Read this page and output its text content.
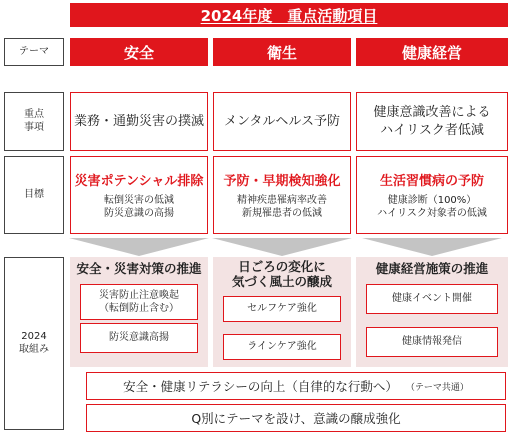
2024年度　重点活動項目
テーマ
重点
事項
目標
2024
取組み
安全	衛生	健康経営
業務・通勤災害の撲滅 メンタルヘルス予防
健康意識改善による
ハイリスク者低減
災害ポテンシャル排除
転倒災害の低減
防災意識の高揚
予防・早期検知強化
精神疾患罹病率改善
新規罹患者の低減
生活習慣病の予防
健康診断（100%）
ハイリスク対象者の低減
安全・災害対策の推進
災害防止注意喚起
（転倒防止含む）
防災意識高揚
日ごろの変化に
気づく風土の醸成
セルフケア強化
ラインケア強化
健康経営施策の推進
健康イベント開催
健康情報発信
安全・健康リテラシーの向上（自律的な行動へ） （テーマ共通）
Q別にテーマを設け、意識の醸成強化
